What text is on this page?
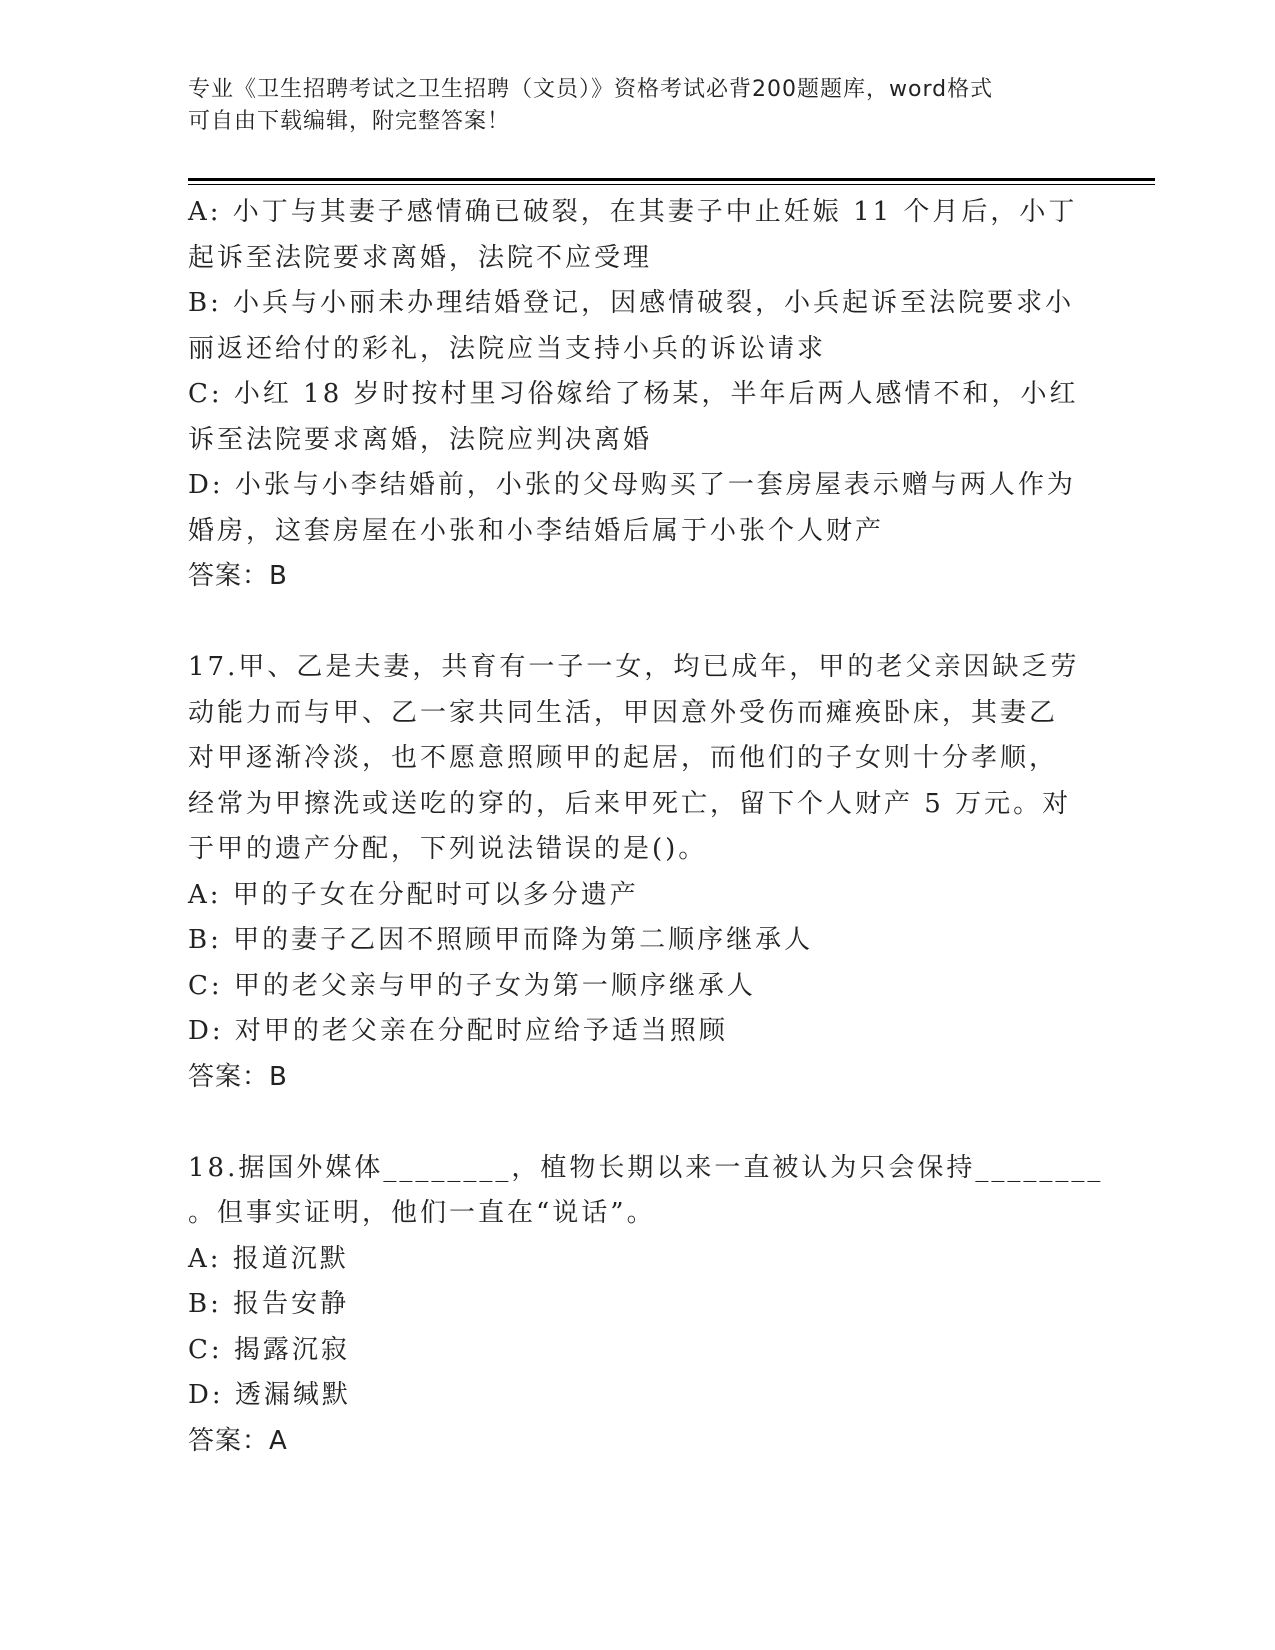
专业《卫生招聘考试之卫生招聘（文员）》资格考试必背200题题库，word格式
可自由下载编辑，附完整答案！
A: 小丁与其妻子感情确已破裂，在其妻子中止妊娠 11 个月后，小丁
起诉至法院要求离婚，法院不应受理
B: 小兵与小丽未办理结婚登记，因感情破裂，小兵起诉至法院要求小
丽返还给付的彩礼，法院应当支持小兵的诉讼请求
C: 小红 18 岁时按村里习俗嫁给了杨某，半年后两人感情不和，小红
诉至法院要求离婚，法院应判决离婚
D: 小张与小李结婚前，小张的父母购买了一套房屋表示赠与两人作为
婚房，这套房屋在小张和小李结婚后属于小张个人财产
答案：B
17.甲、乙是夫妻，共育有一子一女，均已成年，甲的老父亲因缺乏劳
动能力而与甲、乙一家共同生活，甲因意外受伤而瘫痪卧床，其妻乙
对甲逐渐冷淡，也不愿意照顾甲的起居，而他们的子女则十分孝顺，
经常为甲擦洗或送吃的穿的，后来甲死亡，留下个人财产 5 万元。对
于甲的遗产分配，下列说法错误的是()。
A: 甲的子女在分配时可以多分遗产
B: 甲的妻子乙因不照顾甲而降为第二顺序继承人
C: 甲的老父亲与甲的子女为第一顺序继承人
D: 对甲的老父亲在分配时应给予适当照顾
答案：B
18.据国外媒体________，植物长期以来一直被认为只会保持________
。但事实证明，他们一直在“说话”。
A: 报道沉默
B: 报告安静
C: 揭露沉寂
D: 透漏缄默
答案：A
